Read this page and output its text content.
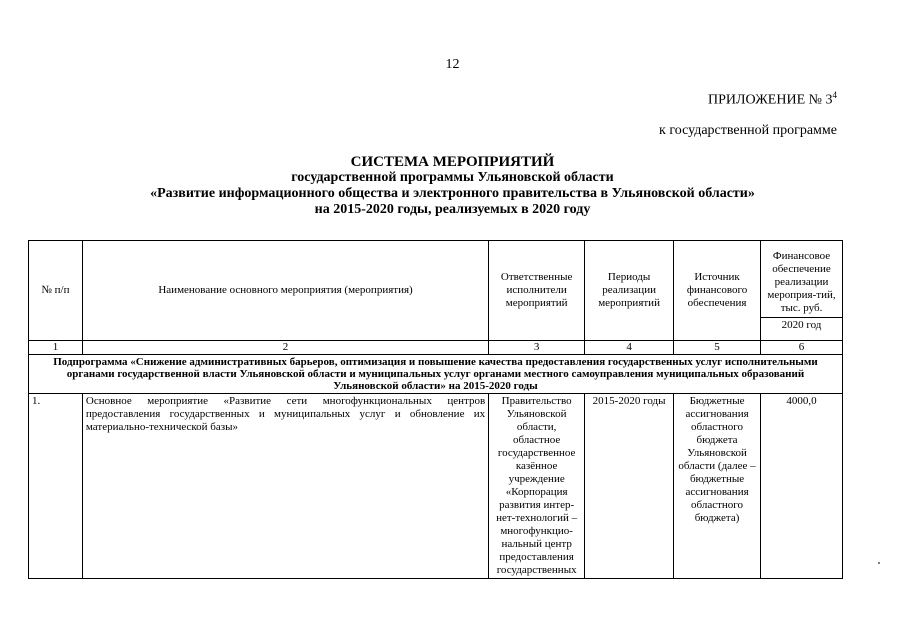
12
ПРИЛОЖЕНИЕ № $3^4$
к государственной программе
СИСТЕМА МЕРОПРИЯТИЙ
государственной программы Ульяновской области
«Развитие информационного общества и электронного правительства в Ульяновской области»
на 2015-2020 годы, реализуемых в 2020 году
№ п/п	Наименование основного мероприятия (мероприятия)	Ответственные исполнители мероприятий	Периоды реализации мероприятий	Источник финансового обеспечения	Финансовое обеспечение реализации мероприя-тий, тыс. руб.
2020 год

1	2	3	4	5	6
Подпрограмма «Снижение административных барьеров, оптимизация и повышение качества предоставления государственных услуг исполнительными органами государственной власти Ульяновской области и муниципальных услуг органами местного самоуправления муниципальных образований Ульяновской области» на 2015-2020 годы					
1.	Основное мероприятие «Развитие сети многофункциональных центров предоставления государственных и муниципальных услуг и обновление их материально-технической базы»	Правительство Ульяновской области, областное государственное казённое учреждение «Корпорация развития интер-нет-технологий – многофункцио-нальный центр предоставления государственных	2015-2020 годы	Бюджетные ассигнования областного бюджета Ульяновской области (далее – бюджетные ассигнования областного бюджета)	4000,0
